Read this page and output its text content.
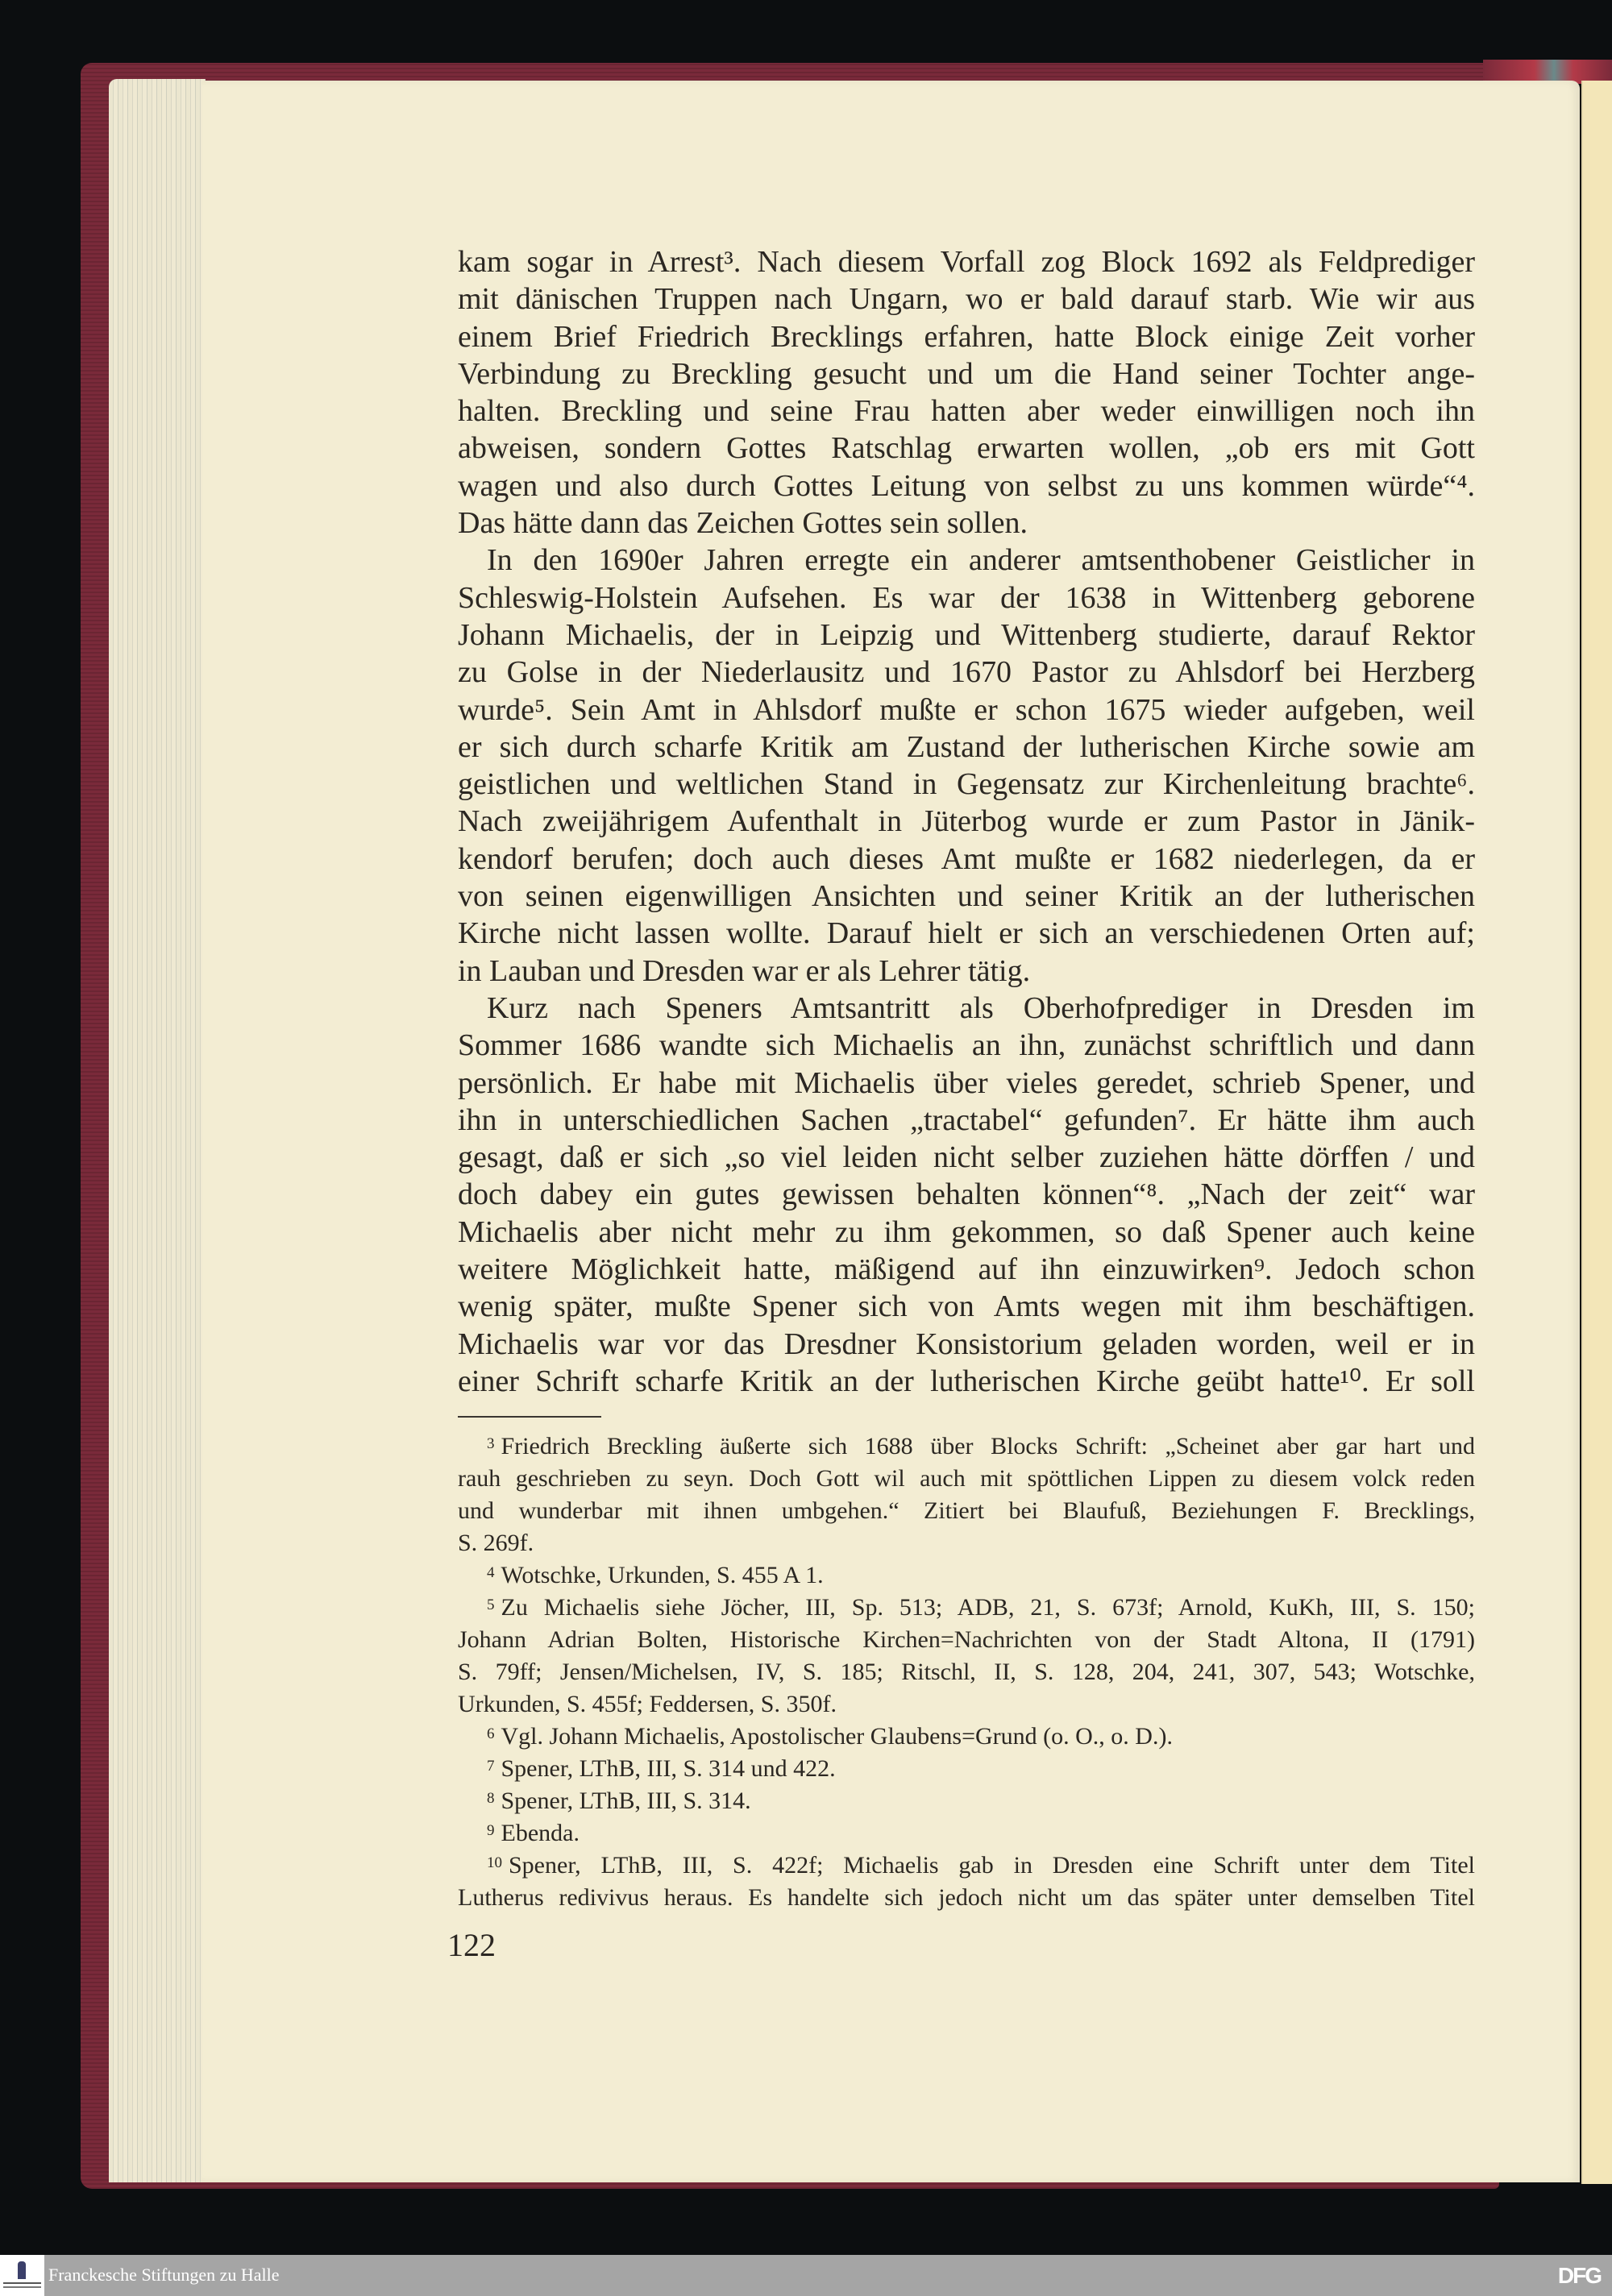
kam sogar in Arrest³. Nach diesem Vorfall zog Block 1692 als Feldprediger
mit dänischen Truppen nach Ungarn, wo er bald darauf starb. Wie wir aus
einem Brief Friedrich Brecklings erfahren, hatte Block einige Zeit vorher
Verbindung zu Breckling gesucht und um die Hand seiner Tochter ange-
halten. Breckling und seine Frau hatten aber weder einwilligen noch ihn
abweisen, sondern Gottes Ratschlag erwarten wollen, „ob ers mit Gott
wagen und also durch Gottes Leitung von selbst zu uns kommen würde“⁴.
Das hätte dann das Zeichen Gottes sein sollen.
In den 1690er Jahren erregte ein anderer amtsenthobener Geistlicher in
Schleswig-Holstein Aufsehen. Es war der 1638 in Wittenberg geborene
Johann Michaelis, der in Leipzig und Wittenberg studierte, darauf Rektor
zu Golse in der Niederlausitz und 1670 Pastor zu Ahlsdorf bei Herzberg
wurde⁵. Sein Amt in Ahlsdorf mußte er schon 1675 wieder aufgeben, weil
er sich durch scharfe Kritik am Zustand der lutherischen Kirche sowie am
geistlichen und weltlichen Stand in Gegensatz zur Kirchenleitung brachte⁶.
Nach zweijährigem Aufenthalt in Jüterbog wurde er zum Pastor in Jänik-
kendorf berufen; doch auch dieses Amt mußte er 1682 niederlegen, da er
von seinen eigenwilligen Ansichten und seiner Kritik an der lutherischen
Kirche nicht lassen wollte. Darauf hielt er sich an verschiedenen Orten auf;
in Lauban und Dresden war er als Lehrer tätig.
Kurz nach Speners Amtsantritt als Oberhofprediger in Dresden im
Sommer 1686 wandte sich Michaelis an ihn, zunächst schriftlich und dann
persönlich. Er habe mit Michaelis über vieles geredet, schrieb Spener, und
ihn in unterschiedlichen Sachen „tractabel“ gefunden⁷. Er hätte ihm auch
gesagt, daß er sich „so viel leiden nicht selber zuziehen hätte dörffen / und
doch dabey ein gutes gewissen behalten können“⁸. „Nach der zeit“ war
Michaelis aber nicht mehr zu ihm gekommen, so daß Spener auch keine
weitere Möglichkeit hatte, mäßigend auf ihn einzuwirken⁹. Jedoch schon
wenig später, mußte Spener sich von Amts wegen mit ihm beschäftigen.
Michaelis war vor das Dresdner Konsistorium geladen worden, weil er in
einer Schrift scharfe Kritik an der lutherischen Kirche geübt hatte¹⁰. Er soll
$^3$ Friedrich Breckling äußerte sich 1688 über Blocks Schrift: „Scheinet aber gar hart und
rauh geschrieben zu seyn. Doch Gott wil auch mit spöttlichen Lippen zu diesem volck reden
und wunderbar mit ihnen umbgehen.“ Zitiert bei Blaufuß, Beziehungen F. Brecklings,
S. 269f.
$^4$ Wotschke, Urkunden, S. 455 A 1.
$^5$ Zu Michaelis siehe Jöcher, III, Sp. 513; ADB, 21, S. 673f; Arnold, KuKh, III, S. 150;
Johann Adrian Bolten, Historische Kirchen=Nachrichten von der Stadt Altona, II (1791)
S. 79ff; Jensen/Michelsen, IV, S. 185; Ritschl, II, S. 128, 204, 241, 307, 543; Wotschke,
Urkunden, S. 455f; Feddersen, S. 350f.
$^6$ Vgl. Johann Michaelis, Apostolischer Glaubens=Grund (o. O., o. D.).
$^7$ Spener, LThB, III, S. 314 und 422.
$^8$ Spener, LThB, III, S. 314.
$^9$ Ebenda.
$^{10}$ Spener, LThB, III, S. 422f; Michaelis gab in Dresden eine Schrift unter dem Titel
Lutherus redivivus heraus. Es handelte sich jedoch nicht um das später unter demselben Titel
122
Franckesche Stiftungen zu Halle	DFG
